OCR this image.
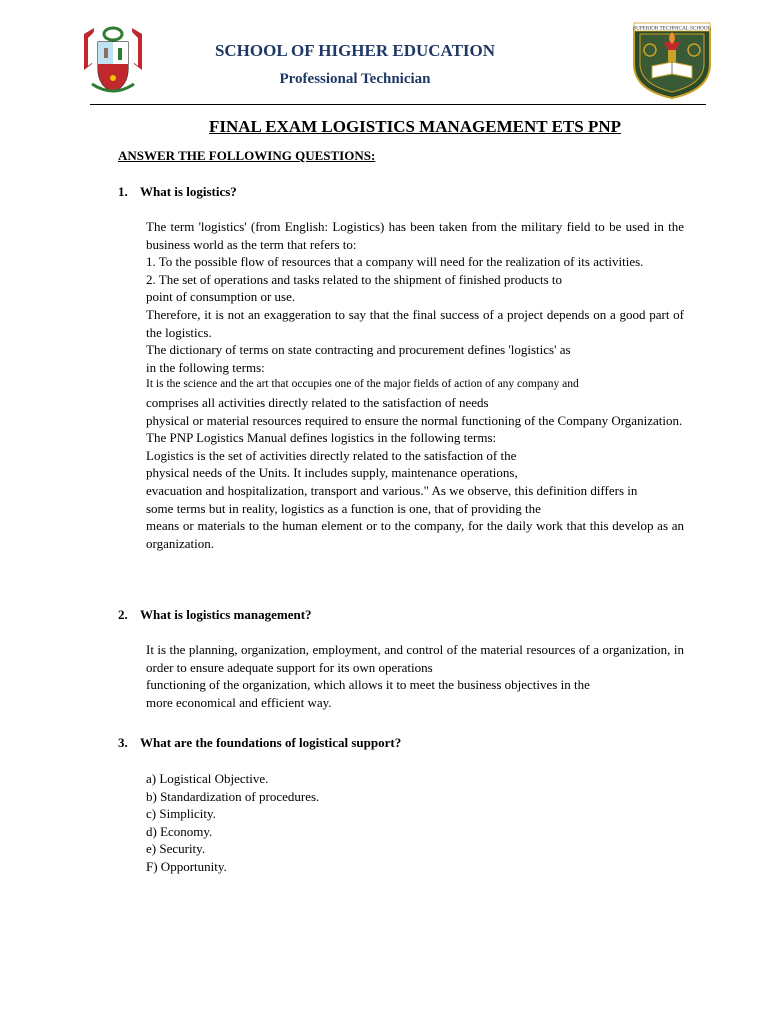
SCHOOL OF HIGHER EDUCATION
Professional Technician
SUPERIOR TECHNICAL SCHOOL
FINAL EXAM LOGISTICS MANAGEMENT ETS PNP
ANSWER THE FOLLOWING QUESTIONS:
1. What is logistics?

The term 'logistics' (from English: Logistics) has been taken from the military field to be used in the business world as the term that refers to:

1. To the possible flow of resources that a company will need for the realization of its activities.

2. The set of operations and tasks related to the shipment of finished products to

point of consumption or use.

Therefore, it is not an exaggeration to say that the final success of a project depends on a good part of the logistics.

The dictionary of terms on state contracting and procurement defines 'logistics' as

in the following terms:

It is the science and the art that occupies one of the major fields of action of any company and

comprises all activities directly related to the satisfaction of needs

physical or material resources required to ensure the normal functioning of the Company Organization.

The PNP Logistics Manual defines logistics in the following terms:

Logistics is the set of activities directly related to the satisfaction of the

physical needs of the Units. It includes supply, maintenance operations,

evacuation and hospitalization, transport and various." As we observe, this definition differs in

some terms but in reality, logistics as a function is one, that of providing the

means or materials to the human element or to the company, for the daily work that this develop as an organization.

2. What is logistics management?

It is the planning, organization, employment, and control of the material resources of a organization, in order to ensure adequate support for its own operations

functioning of the organization, which allows it to meet the business objectives in the

more economical and efficient way.

3. What are the foundations of logistical support?
a) Logistical Objective.
b) Standardization of procedures.
c) Simplicity.
d) Economy.
e) Security.
F) Opportunity.
